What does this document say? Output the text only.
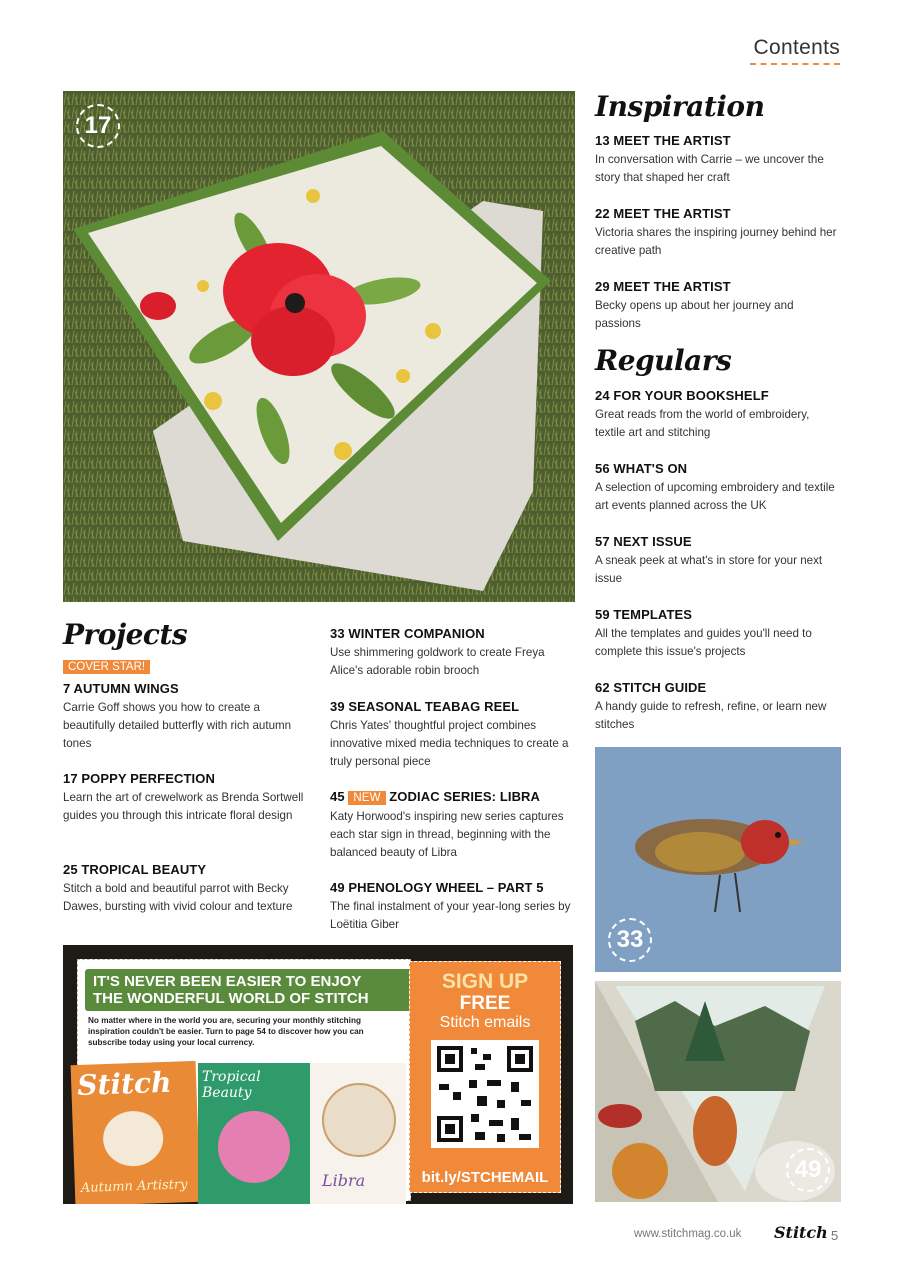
Contents
17
Inspiration
13 MEET THE ARTIST

In conversation with Carrie – we uncover the story that shaped her craft

22 MEET THE ARTIST

Victoria shares the inspiring journey behind her creative path

29 MEET THE ARTIST

Becky opens up about her journey and passions

Regulars
24 FOR YOUR BOOKSHELF

Great reads from the world of embroidery, textile art and stitching

56 WHAT'S ON

A selection of upcoming embroidery and textile art events planned across the UK

57 NEXT ISSUE

A sneak peek at what's in store for your next issue

59 TEMPLATES

All the templates and guides you'll need to complete this issue's projects

62 STITCH GUIDE

A handy guide to refresh, refine, or learn new stitches

33
49
Projects
COVER STAR!
7 AUTUMN WINGS

Carrie Goff shows you how to create a beautifully detailed butterfly with rich autumn tones

17 POPPY PERFECTION

Learn the art of crewelwork as Brenda Sortwell guides you through this intricate floral design

25 TROPICAL BEAUTY

Stitch a bold and beautiful parrot with Becky Dawes, bursting with vivid colour and texture

33 WINTER COMPANION

Use shimmering goldwork to create Freya Alice's adorable robin brooch

39 SEASONAL TEABAG REEL

Chris Yates' thoughtful project combines innovative mixed media techniques to create a truly personal piece

45 NEW ZODIAC SERIES: LIBRA

Katy Horwood's inspiring new series captures each star sign in thread, beginning with the balanced beauty of Libra

49 PHENOLOGY WHEEL – PART 5

The final instalment of your year-long series by Loëtitia Giber

IT'S NEVER BEEN EASIER TO ENJOY
THE WONDERFUL WORLD OF STITCH
No matter where in the world you are, securing your monthly stitching inspiration couldn't be easier. Turn to page 54 to discover how you can subscribe today using your local currency.
Stitch
Autumn Artistry
Tropical Beauty
Libra
SIGN UP
FREE
Stitch emails
bit.ly/STCHEMAIL
www.stitchmag.co.uk Stitch 5
